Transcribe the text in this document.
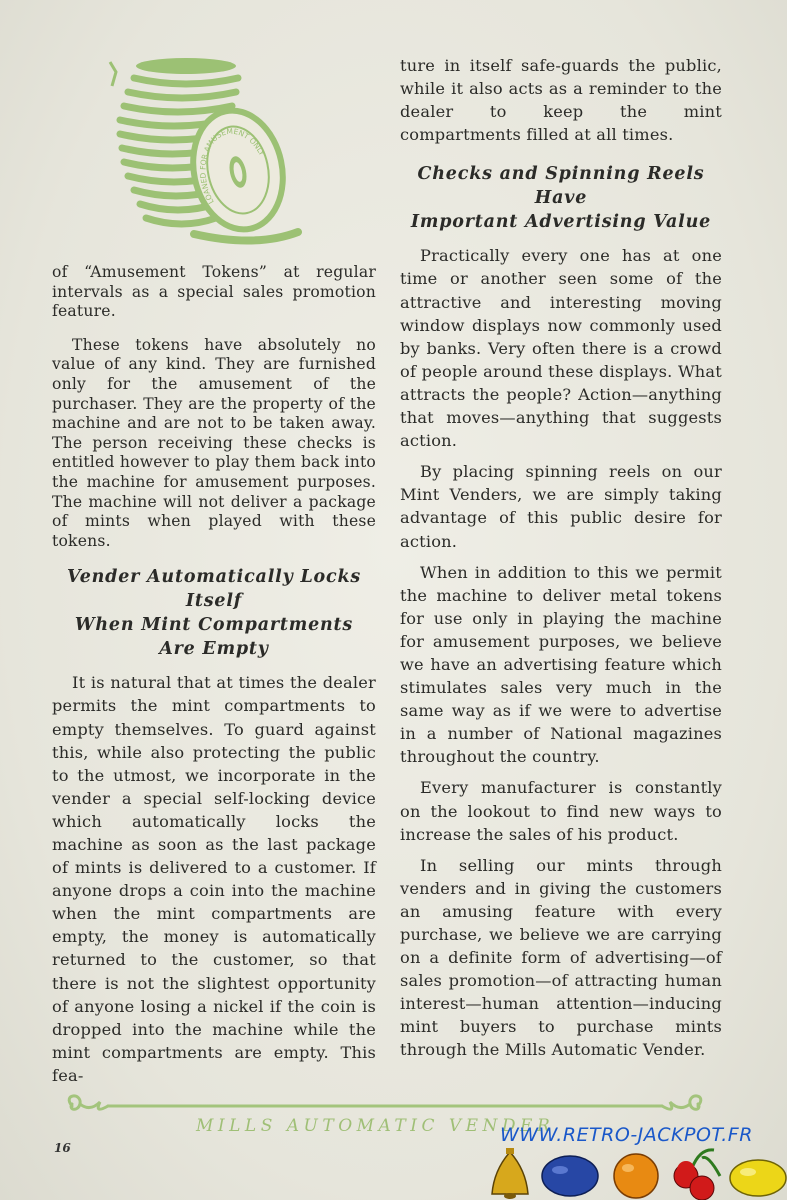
LOANED FOR AMUSEMENT ONLY

of “Amusement Tokens” at regular intervals as a special sales promotion feature.

These tokens have absolutely no value of any kind. They are furnished only for the amusement of the purchaser. They are the property of the machine and are not to be taken away. The person receiving these checks is entitled however to play them back into the machine for amusement purposes. The machine will not deliver a package of mints when played with these tokens.

Vender Automatically Locks Itself
When Mint Compartments
Are Empty

It is natural that at times the dealer permits the mint compartments to empty themselves. To guard against this, while also protecting the public to the utmost, we incorporate in the vender a special self-locking device which automatically locks the machine as soon as the last package of mints is delivered to a customer. If anyone drops a coin into the machine when the mint compartments are empty, the money is automatically returned to the customer, so that there is not the slightest opportunity of anyone losing a nickel if the coin is dropped into the machine while the mint compartments are empty. This fea-

ture in itself safe-guards the public, while it also acts as a reminder to the dealer to keep the mint compartments filled at all times.

Checks and Spinning Reels Have
Important Advertising Value

Practically every one has at one time or another seen some of the attractive and interesting moving window displays now commonly used by banks. Very often there is a crowd of people around these displays. What attracts the people? Action—anything that moves—anything that suggests action.

By placing spinning reels on our Mint Venders, we are simply taking advantage of this public desire for action.

When in addition to this we permit the machine to deliver metal tokens for use only in playing the machine for amusement purposes, we believe we have an advertising feature which stimulates sales very much in the same way as if we were to advertise in a number of National magazines throughout the country.

Every manufacturer is constantly on the lookout to find new ways to increase the sales of his product.

In selling our mints through venders and in giving the customers an amusing feature with every purchase, we believe we are carrying on a definite form of advertising—of sales promotion—of attracting human interest—human attention—inducing mint buyers to purchase mints through the Mills Automatic Vender.

MILLS AUTOMATIC VENDER
16
WWW.RETRO-JACKPOT.FR
